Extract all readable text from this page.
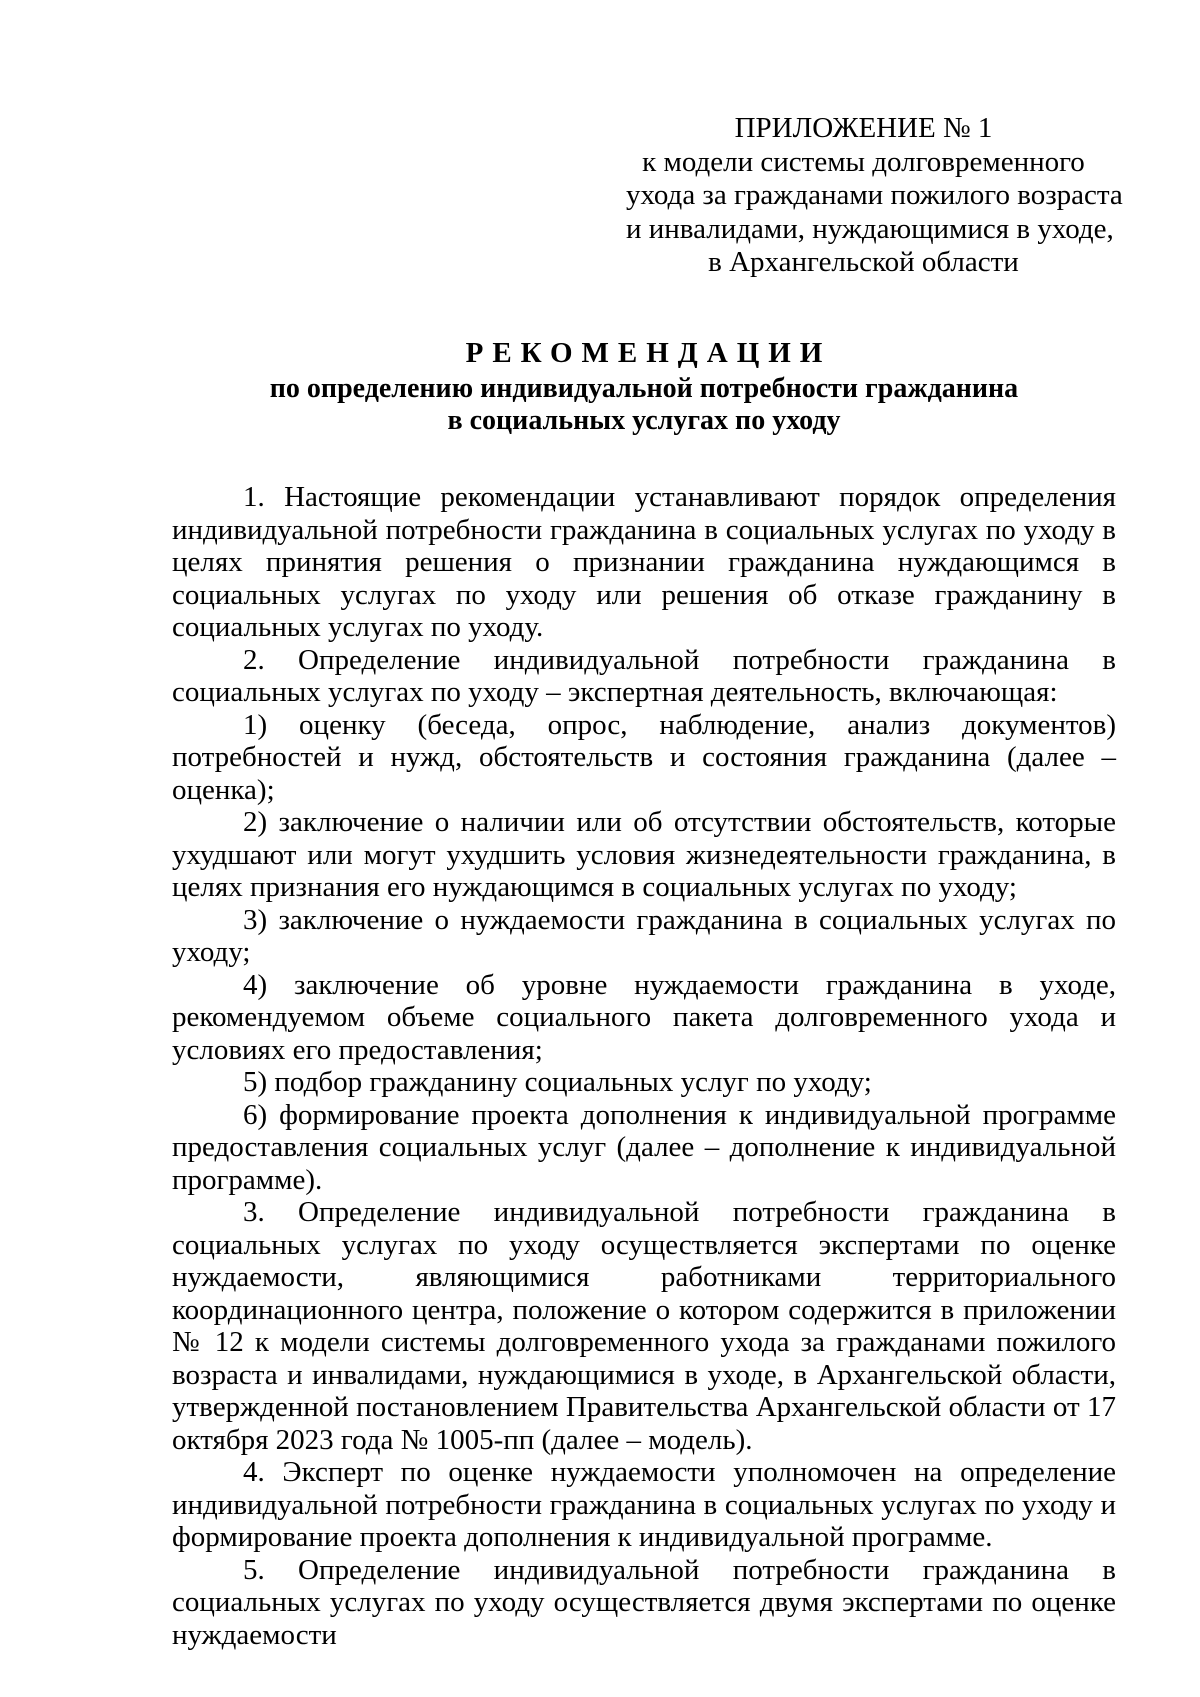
ПРИЛОЖЕНИЕ № 1
к модели системы долговременного
ухода за гражданами пожилого возраста
и инвалидами, нуждающимися в уходе,
в Архангельской области
РЕКОМЕНДАЦИИ
по определению индивидуальной потребности гражданина
в социальных услугах по уходу

1. Настоящие рекомендации устанавливают порядок определения индивидуальной потребности гражданина в социальных услугах по уходу в целях принятия решения о признании гражданина нуждающимся в социальных услугах по уходу или решения об отказе гражданину в социальных услугах по уходу.

2. Определение индивидуальной потребности гражданина в социальных услугах по уходу – экспертная деятельность, включающая:

1) оценку (беседа, опрос, наблюдение, анализ документов) потребностей и нужд, обстоятельств и состояния гражданина (далее – оценка);

2) заключение о наличии или об отсутствии обстоятельств, которые ухудшают или могут ухудшить условия жизнедеятельности гражданина, в целях признания его нуждающимся в социальных услугах по уходу;

3) заключение о нуждаемости гражданина в социальных услугах по уходу;

4) заключение об уровне нуждаемости гражданина в уходе, рекомендуемом объеме социального пакета долговременного ухода и условиях его предоставления;

5) подбор гражданину социальных услуг по уходу;

6) формирование проекта дополнения к индивидуальной программе предоставления социальных услуг (далее – дополнение к индивидуальной программе).

3. Определение индивидуальной потребности гражданина в социальных услугах по уходу осуществляется экспертами по оценке нуждаемости, являющимися работниками территориального координационного центра, положение о котором содержится в приложении № 12 к модели системы долговременного ухода за гражданами пожилого возраста и инвалидами, нуждающимися в уходе, в Архангельской области, утвержденной постановлением Правительства Архангельской области от 17 октября 2023 года № 1005-пп (далее – модель).

4. Эксперт по оценке нуждаемости уполномочен на определение индивидуальной потребности гражданина в социальных услугах по уходу и формирование проекта дополнения к индивидуальной программе.

5. Определение индивидуальной потребности гражданина в социальных услугах по уходу осуществляется двумя экспертами по оценке нуждаемости
